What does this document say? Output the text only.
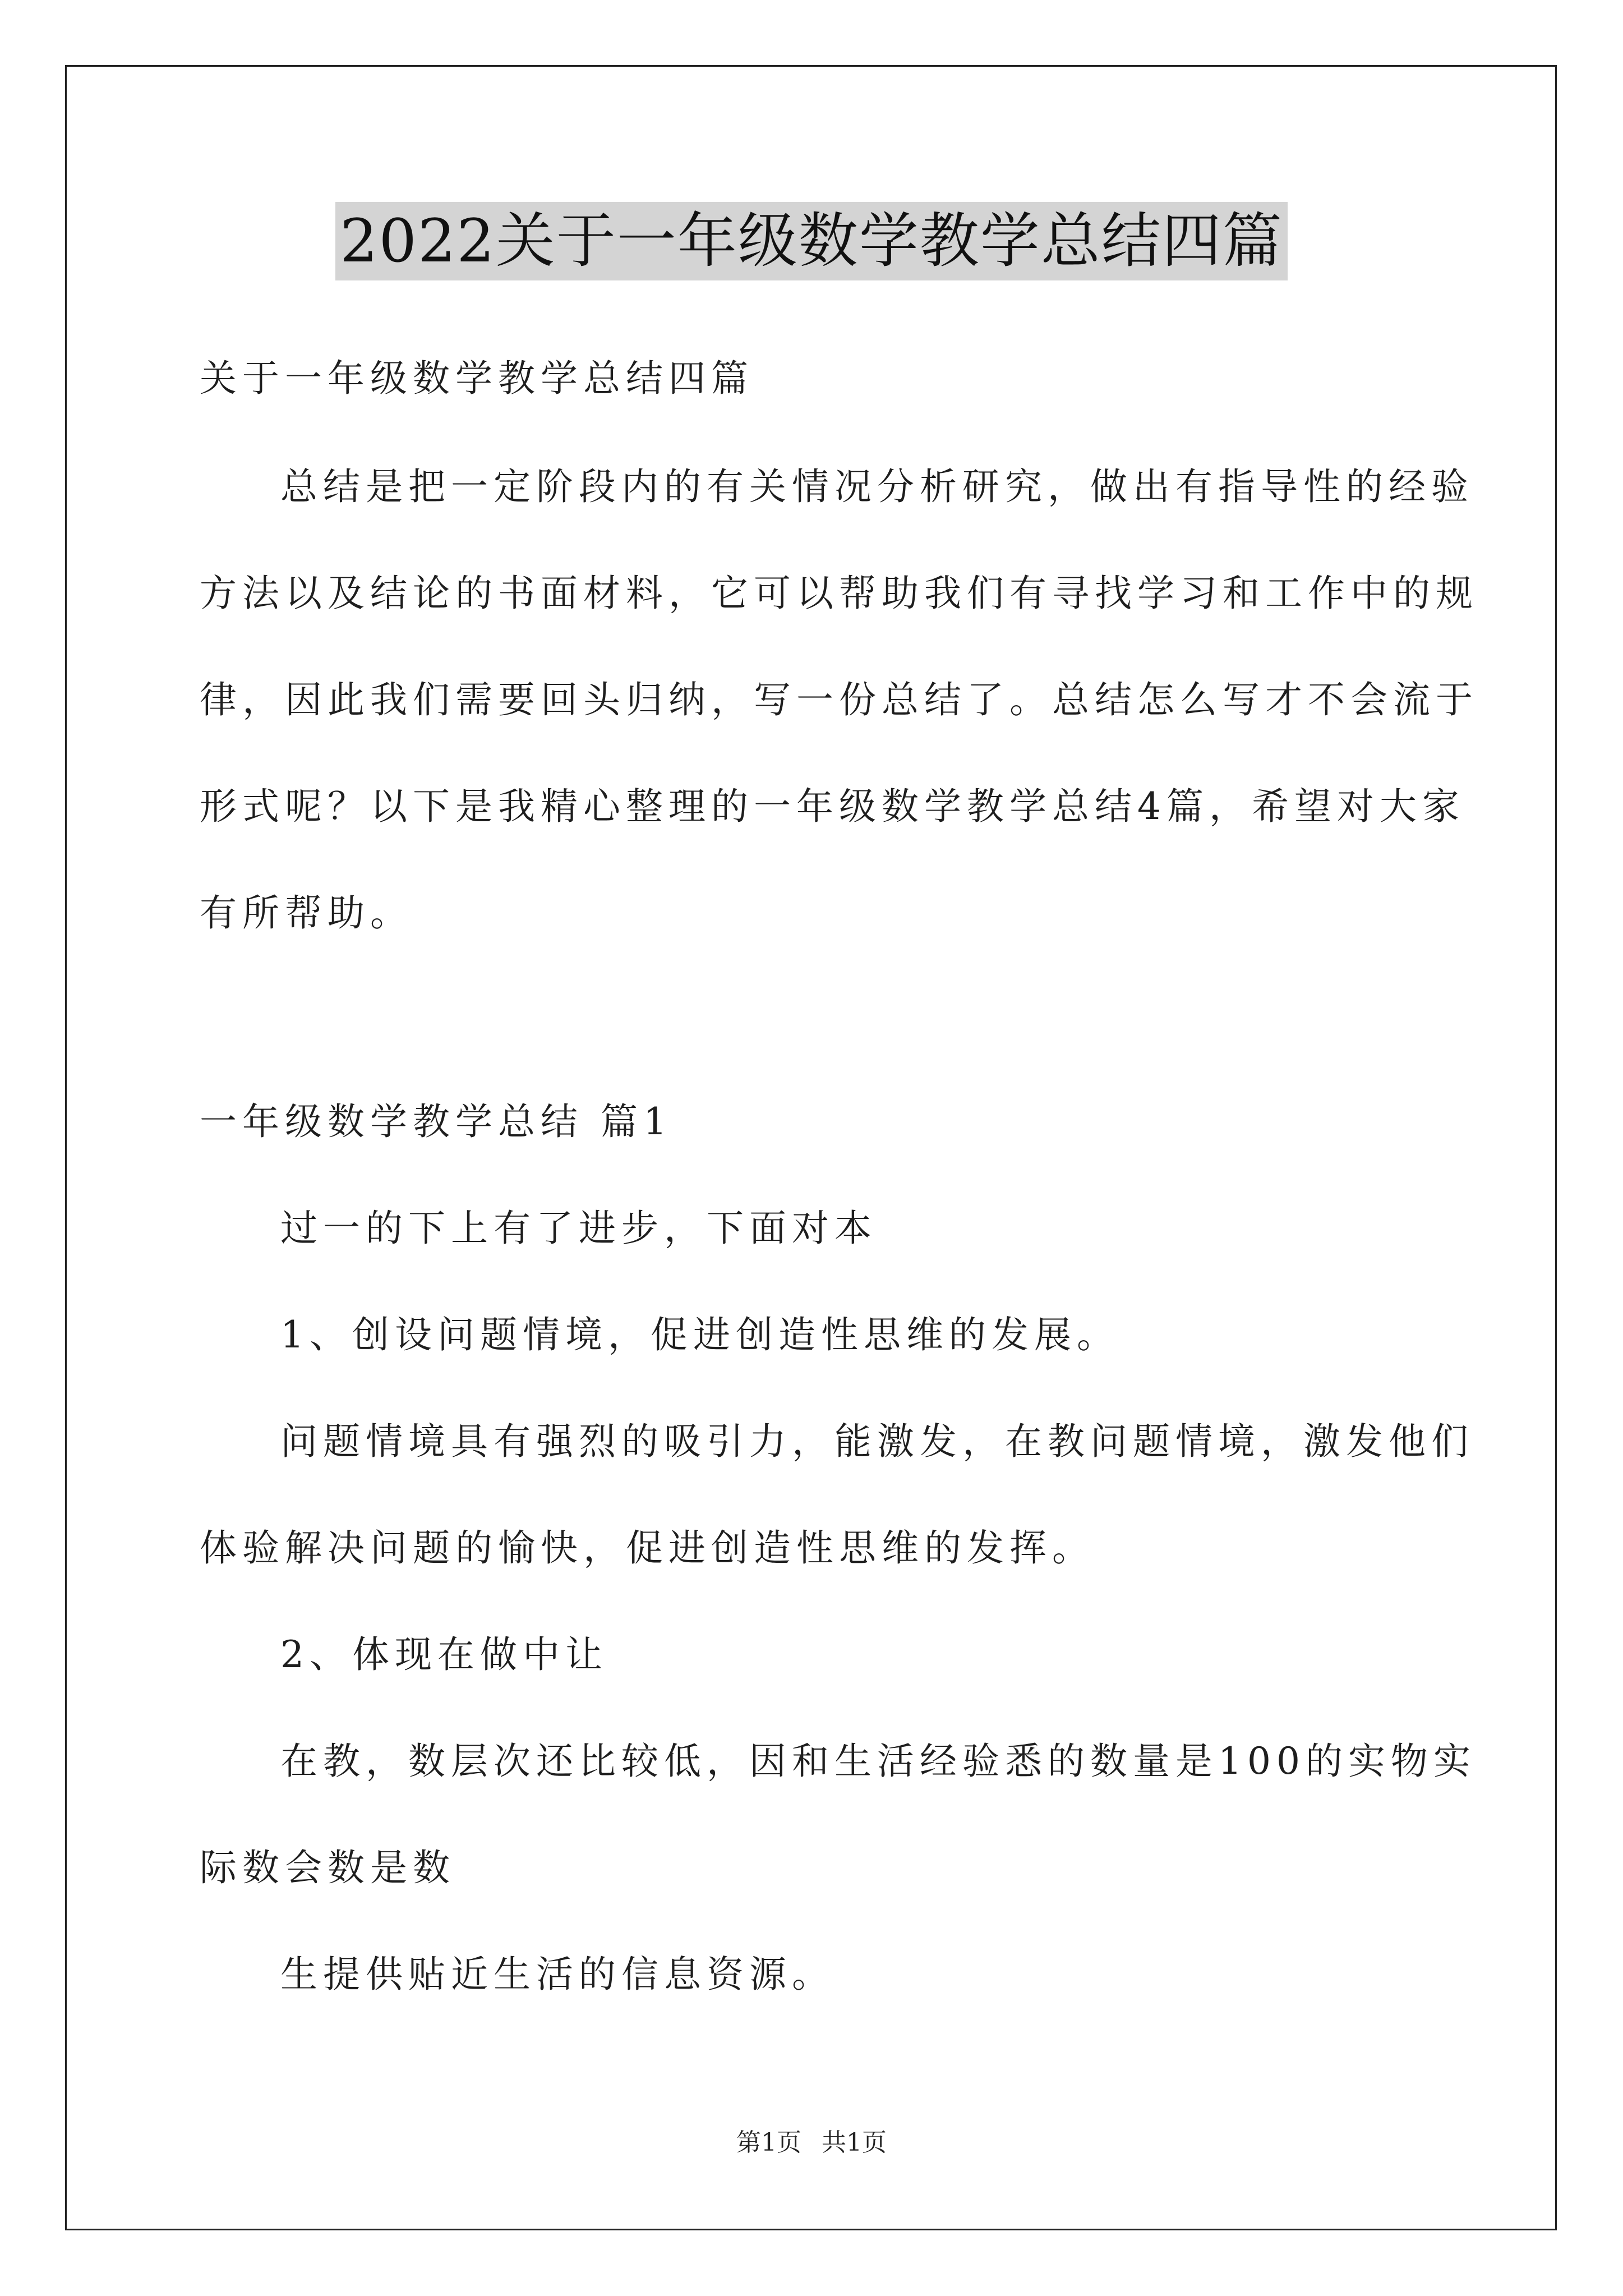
2022关于一年级数学教学总结四篇
关于一年级数学教学总结四篇
总结是把一定阶段内的有关情况分析研究，做出有指导性的经验
方法以及结论的书面材料，它可以帮助我们有寻找学习和工作中的规
律，因此我们需要回头归纳，写一份总结了。总结怎么写才不会流于
形式呢？以下是我精心整理的一年级数学教学总结4篇，希望对大家
有所帮助。
一年级数学教学总结 篇1
过一的下上有了进步，下面对本
1、创设问题情境，促进创造性思维的发展。
问题情境具有强烈的吸引力，能激发，在教问题情境，激发他们
体验解决问题的愉快，促进创造性思维的发挥。
2、体现在做中让
在教，数层次还比较低，因和生活经验悉的数量是100的实物实
际数会数是数
生提供贴近生活的信息资源。
第1页 共1页
